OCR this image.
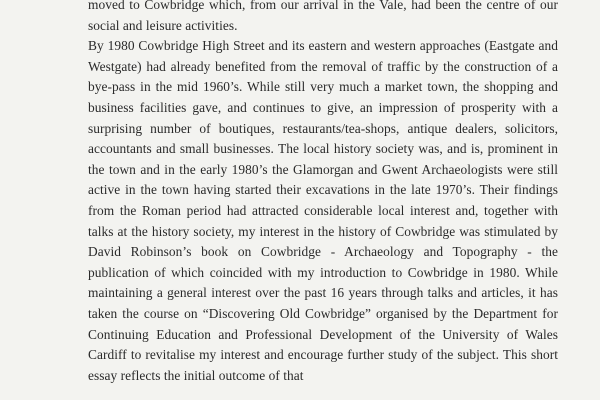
moved to Cowbridge which, from our arrival in the Vale, had been the centre of our social and leisure activities.

By 1980 Cowbridge High Street and its eastern and western approaches (Eastgate and Westgate) had already benefited from the removal of traffic by the construction of a bye-pass in the mid 1960’s. While still very much a market town, the shopping and business facilities gave, and continues to give, an impression of prosperity with a surprising number of boutiques, restaurants/tea-shops, antique dealers, solicitors, accountants and small businesses. The local history society was, and is, prominent in the town and in the early 1980’s the Glamorgan and Gwent Archaeologists were still active in the town having started their excavations in the late 1970’s. Their findings from the Roman period had attracted considerable local interest and, together with talks at the history society, my interest in the history of Cowbridge was stimulated by David Robinson’s book on Cowbridge - Archaeology and Topography - the publication of which coincided with my introduction to Cowbridge in 1980. While maintaining a general interest over the past 16 years through talks and articles, it has taken the course on “Discovering Old Cowbridge” organised by the Department for Continuing Education and Professional Development of the University of Wales Cardiff to revitalise my interest and encourage further study of the subject. This short essay reflects the initial outcome of that
